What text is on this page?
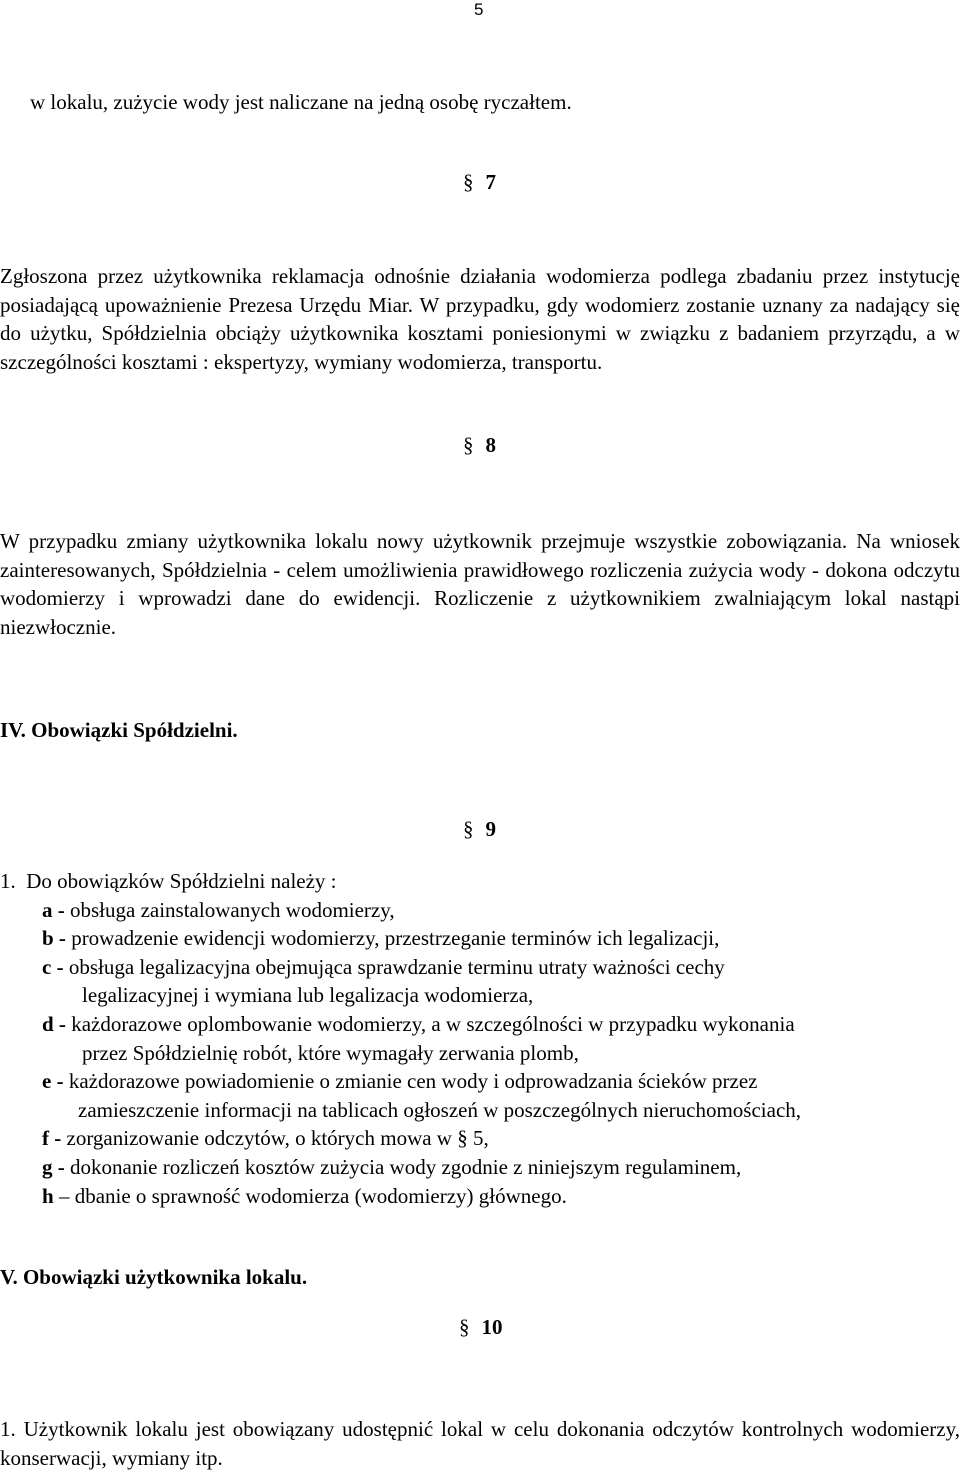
5
w lokalu, zużycie wody jest naliczane na jedną osobę ryczałtem.
§ 7
Zgłoszona przez użytkownika reklamacja odnośnie działania wodomierza podlega zbadaniu przez instytucję posiadającą upoważnienie Prezesa Urzędu Miar. W przypadku, gdy wodomierz zostanie uznany za nadający się do użytku, Spółdzielnia obciąży użytkownika kosztami poniesionymi w związku z badaniem przyrządu, a w szczególności kosztami : ekspertyzy, wymiany wodomierza, transportu.
§ 8
W przypadku zmiany użytkownika lokalu nowy użytkownik przejmuje wszystkie zobowiązania. Na wniosek zainteresowanych, Spółdzielnia - celem umożliwienia prawidłowego rozliczenia zużycia wody - dokona odczytu wodomierzy i wprowadzi dane do ewidencji. Rozliczenie z użytkownikiem zwalniającym lokal nastąpi niezwłocznie.
IV. Obowiązki Spółdzielni.
§ 9
1. Do obowiązków Spółdzielni należy :
a - obsługa zainstalowanych wodomierzy,
b - prowadzenie ewidencji wodomierzy, przestrzeganie terminów ich legalizacji,
c - obsługa legalizacyjna obejmująca sprawdzanie terminu utraty ważności cechy
legalizacyjnej i wymiana lub legalizacja wodomierza,
d - każdorazowe oplombowanie wodomierzy, a w szczególności w przypadku wykonania
przez Spółdzielnię robót, które wymagały zerwania plomb,
e - każdorazowe powiadomienie o zmianie cen wody i odprowadzania ścieków przez
zamieszczenie informacji na tablicach ogłoszeń w poszczególnych nieruchomościach,
f - zorganizowanie odczytów, o których mowa w § 5,
g - dokonanie rozliczeń kosztów zużycia wody zgodnie z niniejszym regulaminem,
h – dbanie o sprawność wodomierza (wodomierzy) głównego.
V. Obowiązki użytkownika lokalu.
§ 10
1. Użytkownik lokalu jest obowiązany udostępnić lokal w celu dokonania odczytów kontrolnych wodomierzy, konserwacji, wymiany itp.
